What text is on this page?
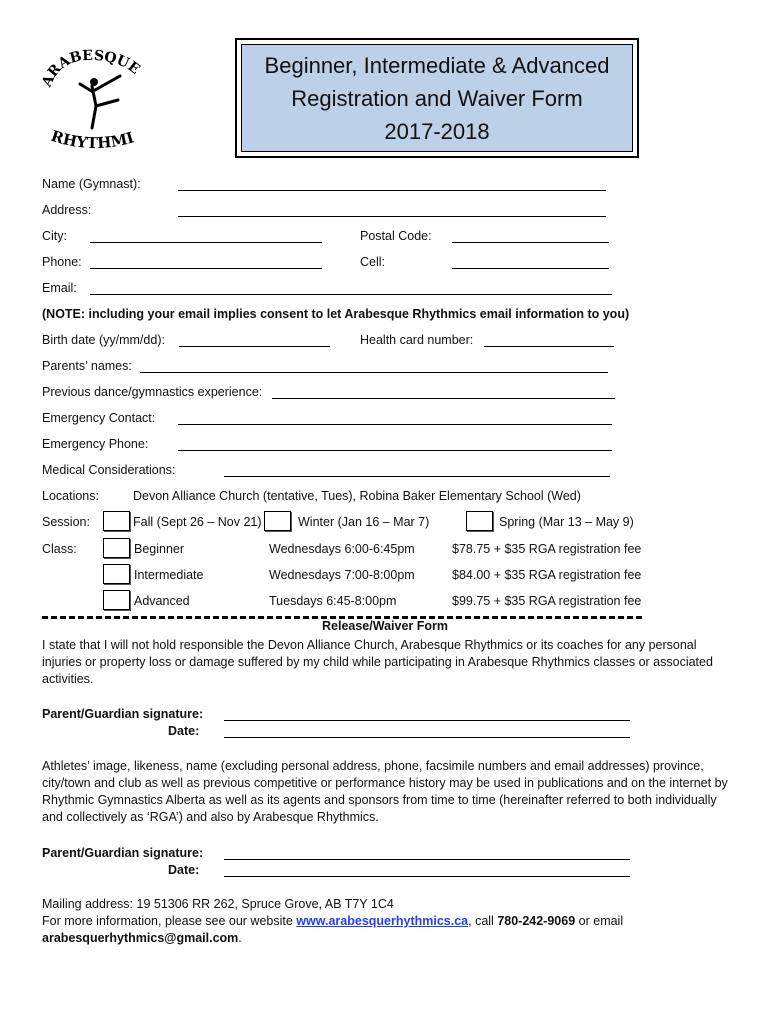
ARABESQUE
RHYTHMI
Beginner, Intermediate & Advanced
Registration and Waiver Form
2017-2018
Name (Gymnast):
Address:
City:	Postal Code:
Phone:	Cell:
Email:
(NOTE: including your email implies consent to let Arabesque Rhythmics email information to you)
Birth date (yy/mm/dd):	Health card number:
Parents’ names:
Previous dance/gymnastics experience:
Emergency Contact:
Emergency Phone:
Medical Considerations:
Locations:	Devon Alliance Church (tentative, Tues), Robina Baker Elementary School (Wed)
Session:	Fall (Sept 26 – Nov 21)	Winter (Jan 16 – Mar 7)	Spring (Mar 13 – May 9)
Class:	Beginner	Wednesdays 6:00-6:45pm	$78.75 + $35 RGA registration fee
Intermediate	Wednesdays 7:00-8:00pm	$84.00 + $35 RGA registration fee
Advanced	Tuesdays 6:45-8:00pm	$99.75 + $35 RGA registration fee
Release/Waiver Form
I state that I will not hold responsible the Devon Alliance Church, Arabesque Rhythmics or its coaches for any personal injuries or property loss or damage suffered by my child while participating in Arabesque Rhythmics classes or associated activities.
Parent/Guardian signature:
Date:
Athletes’ image, likeness, name (excluding personal address, phone, facsimile numbers and email addresses) province, city/town and club as well as previous competitive or performance history may be used in publications and on the internet by Rhythmic Gymnastics Alberta as well as its agents and sponsors from time to time (hereinafter referred to both individually and collectively as ‘RGA’) and also by Arabesque Rhythmics.
Parent/Guardian signature:
Date:
Mailing address: 19 51306 RR 262, Spruce Grove, AB T7Y 1C4
For more information, please see our website www.arabesquerhythmics.ca, call 780-242-9069 or email
arabesquerhythmics@gmail.com.
